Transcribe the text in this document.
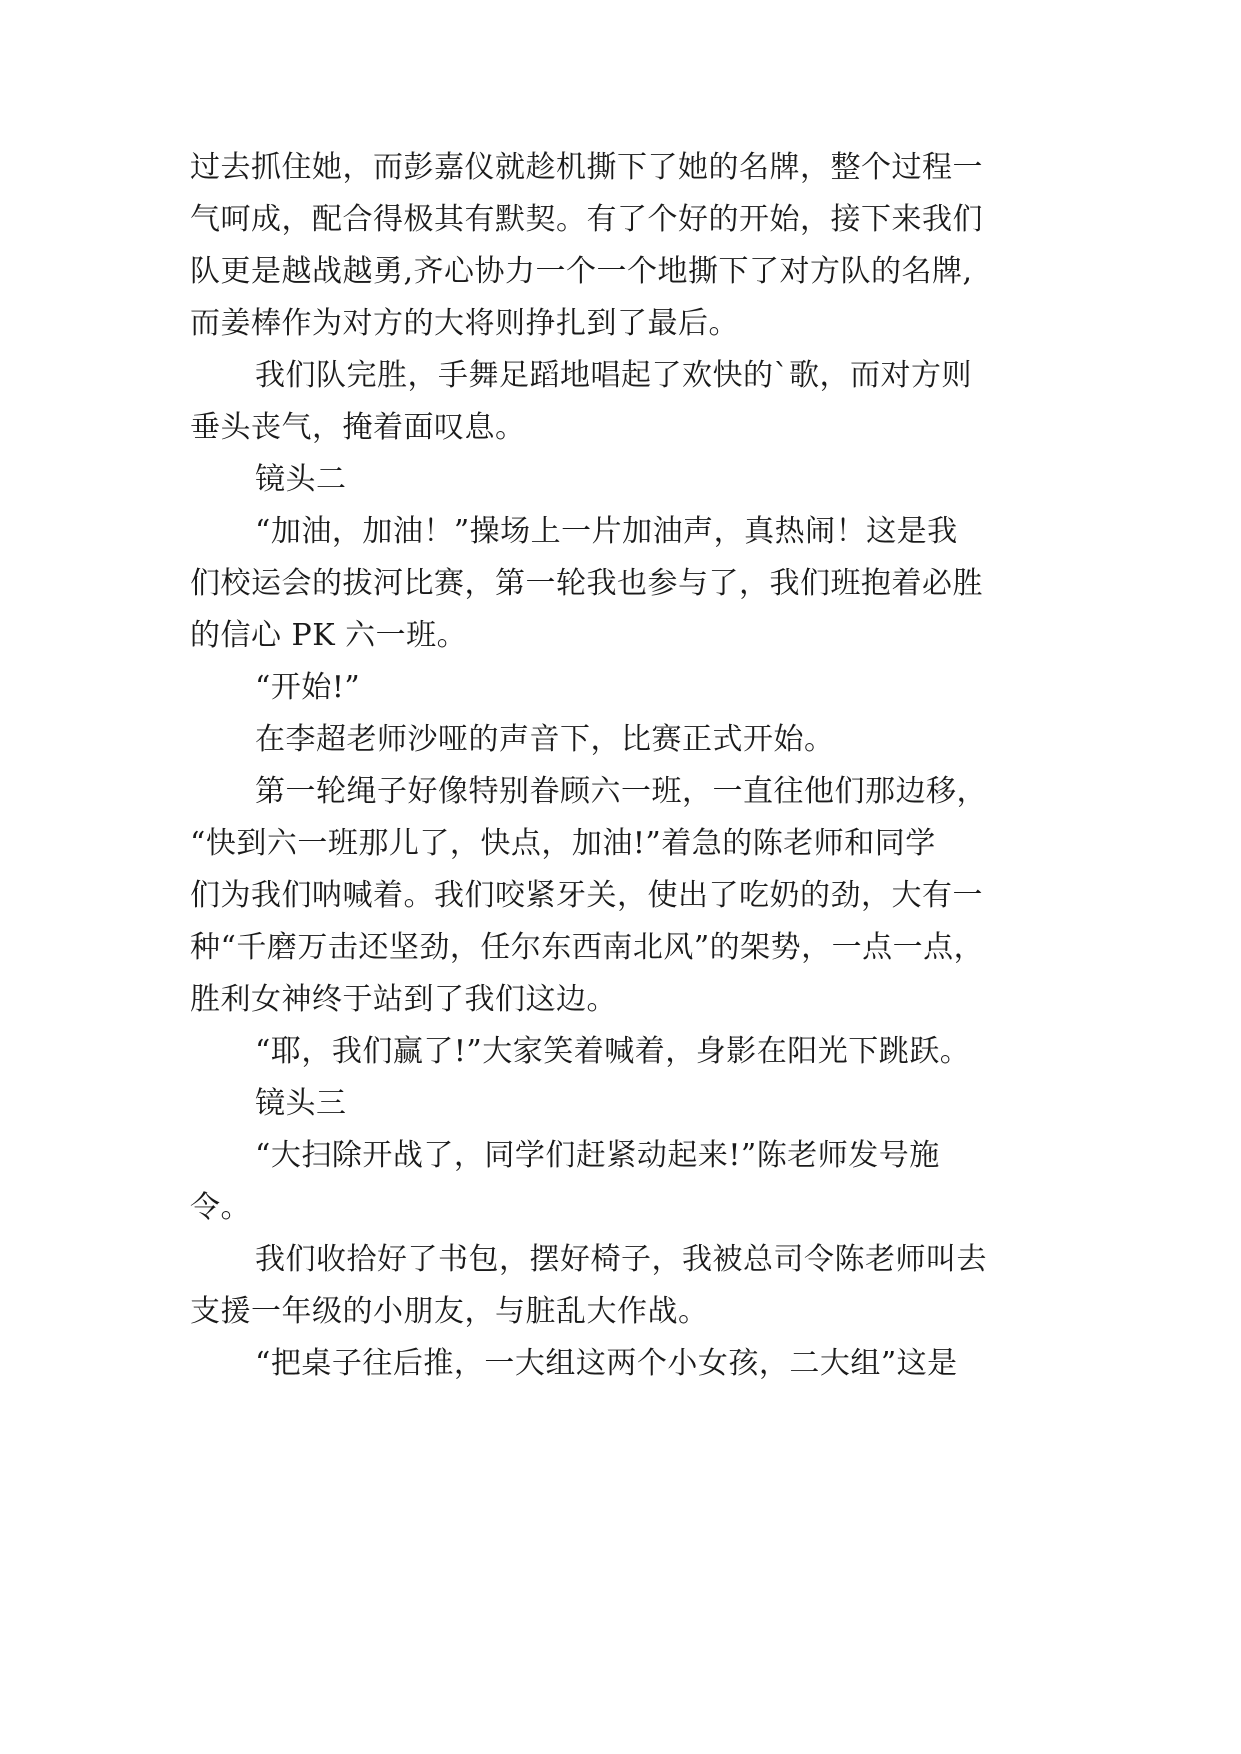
过去抓住她，而彭嘉仪就趁机撕下了她的名牌，整个过程一
气呵成，配合得极其有默契。有了个好的开始，接下来我们
队更是越战越勇,齐心协力一个一个地撕下了对方队的名牌,
而姜棒作为对方的大将则挣扎到了最后。
我们队完胜，手舞足蹈地唱起了欢快的`歌，而对方则
垂头丧气，掩着面叹息。
镜头二
“加油，加油！”操场上一片加油声，真热闹！这是我
们校运会的拔河比赛，第一轮我也参与了，我们班抱着必胜
的信心 PK 六一班。
“开始!”
在李超老师沙哑的声音下，比赛正式开始。
第一轮绳子好像特别眷顾六一班，一直往他们那边移，
“快到六一班那儿了，快点，加油!”着急的陈老师和同学
们为我们呐喊着。我们咬紧牙关，使出了吃奶的劲，大有一
种“千磨万击还坚劲，任尔东西南北风”的架势，一点一点，
胜利女神终于站到了我们这边。
“耶，我们赢了!”大家笑着喊着，身影在阳光下跳跃。
镜头三
“大扫除开战了，同学们赶紧动起来!”陈老师发号施
令。
我们收拾好了书包，摆好椅子，我被总司令陈老师叫去
支援一年级的小朋友，与脏乱大作战。
“把桌子往后推，一大组这两个小女孩，二大组”这是
